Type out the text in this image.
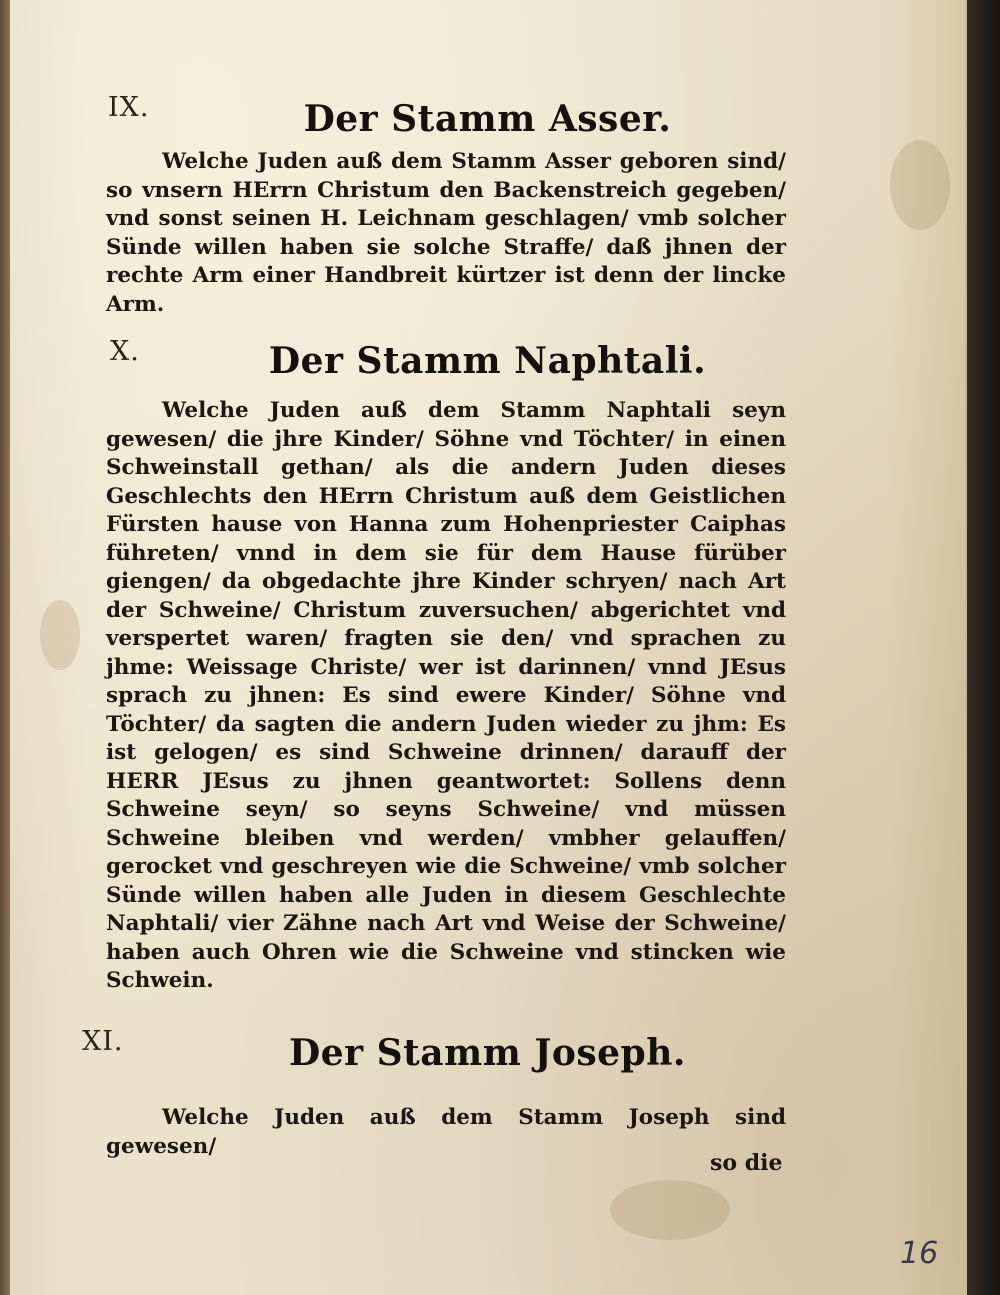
IX.	Der Stamm Asser.
Welche Juden auß dem Stamm Asser geboren sind/ so vnsern HErrn Christum den Backenstreich gegeben/ vnd sonst seinen H. Leichnam geschlagen/ vmb solcher Sünde willen haben sie solche Straffe/ daß jhnen der rechte Arm einer Handbreit kürtzer ist denn der lincke Arm.
X.	Der Stamm Naphtali.
Welche Juden auß dem Stamm Naphtali seyn gewesen/ die jhre Kinder/ Söhne vnd Töchter/ in einen Schweinstall gethan/ als die andern Juden dieses Geschlechts den HErrn Christum auß dem Geistlichen Fürsten hause von Hanna zum Hohenpriester Caiphas führeten/ vnnd in dem sie für dem Hause fürüber giengen/ da obgedachte jhre Kinder schryen/ nach Art der Schweine/ Christum zuversuchen/ abgerichtet vnd verspertet waren/ fragten sie den/ vnd sprachen zu jhme: Weissage Christe/ wer ist darinnen/ vnnd JEsus sprach zu jhnen: Es sind ewere Kinder/ Söhne vnd Töchter/ da sagten die andern Juden wieder zu jhm: Es ist gelogen/ es sind Schweine drinnen/ darauff der HERR JEsus zu jhnen geantwortet: Sollens denn Schweine seyn/ so seyns Schweine/ vnd müssen Schweine bleiben vnd werden/ vmbher gelauffen/ gerocket vnd geschreyen wie die Schweine/ vmb solcher Sünde willen haben alle Juden in diesem Geschlechte Naphtali/ vier Zähne nach Art vnd Weise der Schweine/ haben auch Ohren wie die Schweine vnd stincken wie Schwein.
XI.	Der Stamm Joseph.
Welche Juden auß dem Stamm Joseph sind gewesen/
so die
16
